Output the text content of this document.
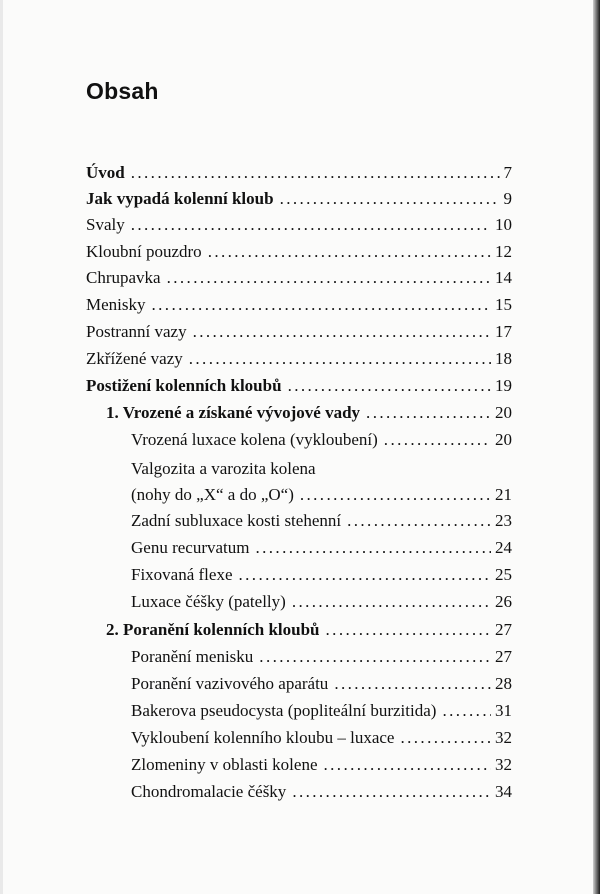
Obsah
Úvod .....	7
Jak vypadá kolenní kloub .....	9
Svaly .....	10
Kloubní pouzdro .....	12
Chrupavka .....	14
Menisky .....	15
Postranní vazy .....	17
Zkřížené vazy .....	18
Postižení kolenních kloubů .....	19
1. Vrozené a získané vývojové vady .....	20
Vrozená luxace kolena (vykloubení) .....	20
Valgozita a varozita kolena
(nohy do „X“ a do „O“) .....	21
Zadní subluxace kosti stehenní .....	23
Genu recurvatum .....	24
Fixovaná flexe .....	25
Luxace čéšky (patelly) .....	26
2. Poranění kolenních kloubů .....	27
Poranění menisku .....	27
Poranění vazivového aparátu .....	28
Bakerova pseudocysta (popliteální burzitida) .....	31
Vykloubení kolenního kloubu – luxace .....	32
Zlomeniny v oblasti kolene .....	32
Chondromalacie čéšky .....	34
